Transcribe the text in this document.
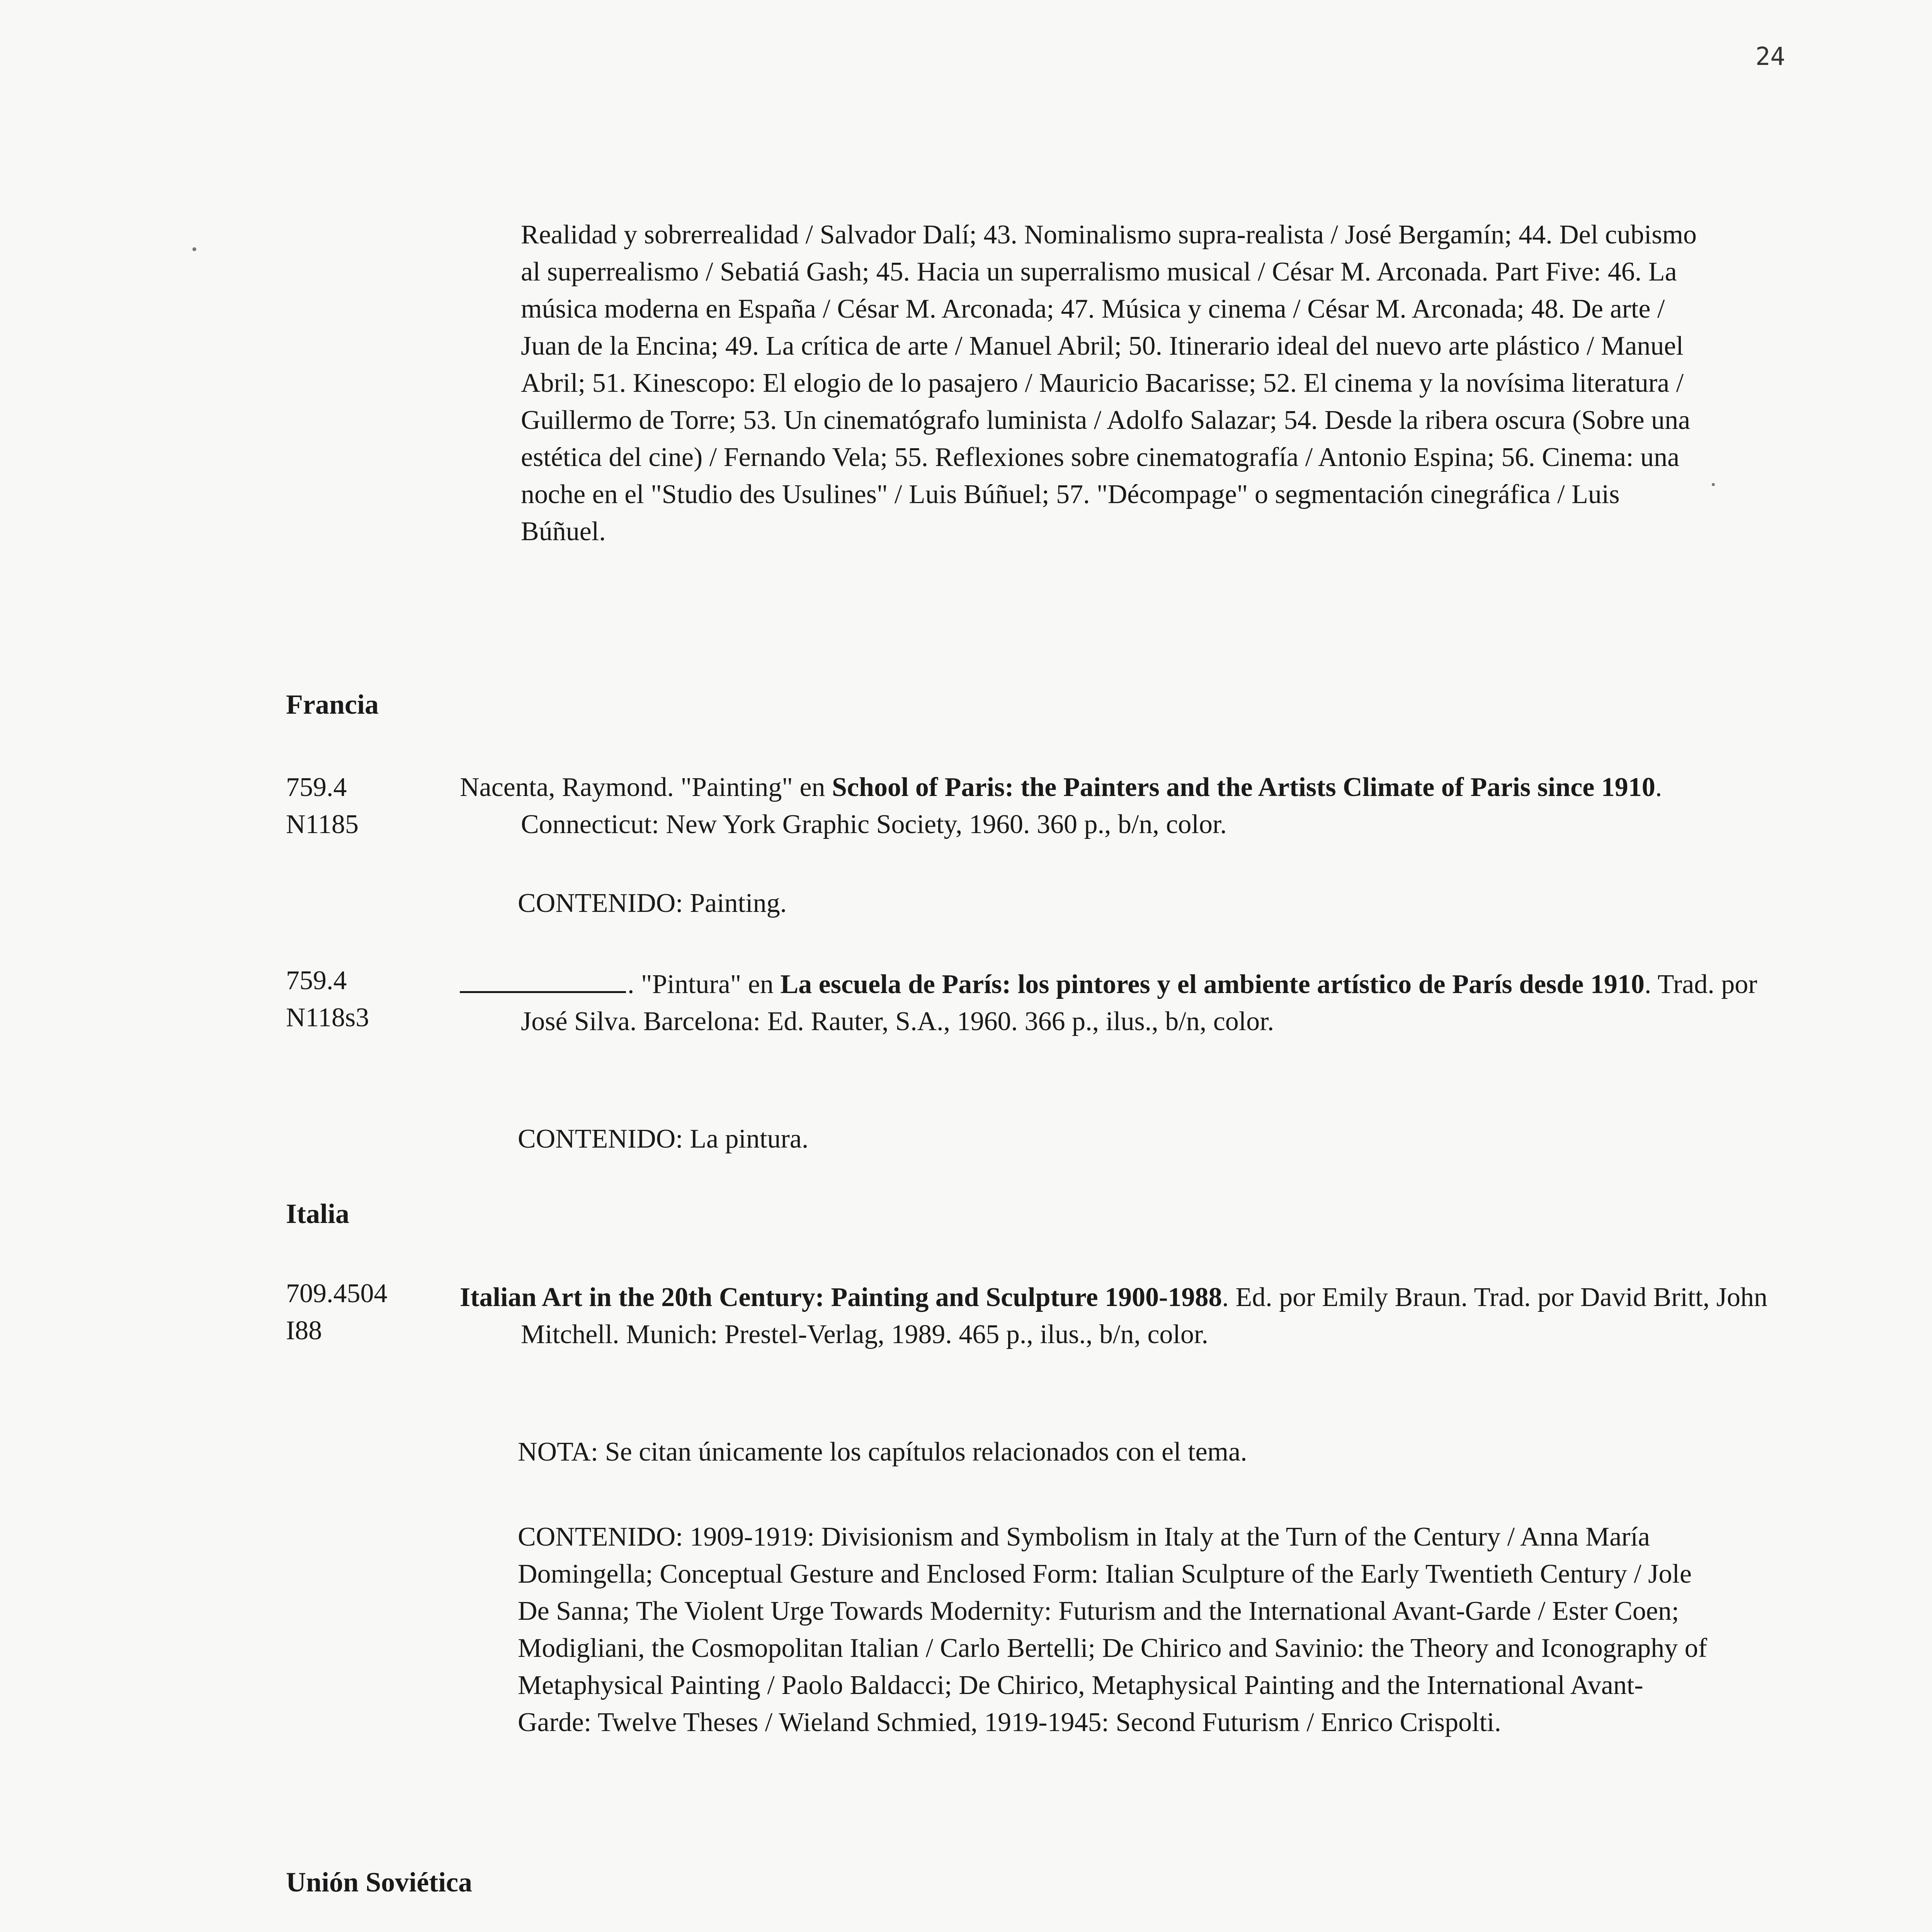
24
Realidad y sobrerrealidad / Salvador Dalí; 43. Nominalismo supra-realista / José Bergamín; 44. Del cubismo al superrealismo / Sebatiá Gash; 45. Hacia un superralismo musical / César M. Arconada. Part Five: 46. La música moderna en España / César M. Arconada; 47. Música y cinema / César M. Arconada; 48. De arte / Juan de la Encina; 49. La crítica de arte / Manuel Abril; 50. Itinerario ideal del nuevo arte plástico / Manuel Abril; 51. Kinescopo: El elogio de lo pasajero / Mauricio Bacarisse; 52. El cinema y la novísima literatura / Guillermo de Torre; 53. Un cinematógrafo luminista / Adolfo Salazar; 54. Desde la ribera oscura (Sobre una estética del cine) / Fernando Vela; 55. Reflexiones sobre cinematografía / Antonio Espina; 56. Cinema: una noche en el "Studio des Usulines" / Luis Búñuel; 57. "Décompage" o segmentación cinegráfica / Luis Búñuel.
Francia
759.4
N1185
Nacenta, Raymond. "Painting" en School of Paris: the Painters and the Artists Climate of Paris since 1910. Connecticut: New York Graphic Society, 1960. 360 p., b/n, color.
CONTENIDO: Painting.
759.4
N118s3
. "Pintura" en La escuela de París: los pintores y el ambiente artístico de París desde 1910. Trad. por José Silva. Barcelona: Ed. Rauter, S.A., 1960. 366 p., ilus., b/n, color.
CONTENIDO: La pintura.
Italia
709.4504
I88
Italian Art in the 20th Century: Painting and Sculpture 1900-1988. Ed. por Emily Braun. Trad. por David Britt, John Mitchell. Munich: Prestel-Verlag, 1989. 465 p., ilus., b/n, color.
NOTA: Se citan únicamente los capítulos relacionados con el tema.
CONTENIDO: 1909-1919: Divisionism and Symbolism in Italy at the Turn of the Century / Anna María Domingella; Conceptual Gesture and Enclosed Form: Italian Sculpture of the Early Twentieth Century / Jole De Sanna; The Violent Urge Towards Modernity: Futurism and the International Avant-Garde / Ester Coen; Modigliani, the Cosmopolitan Italian / Carlo Bertelli; De Chirico and Savinio: the Theory and Iconography of Metaphysical Painting / Paolo Baldacci; De Chirico, Metaphysical Painting and the International Avant-Garde: Twelve Theses / Wieland Schmied, 1919-1945: Second Futurism / Enrico Crispolti.
Unión Soviética
